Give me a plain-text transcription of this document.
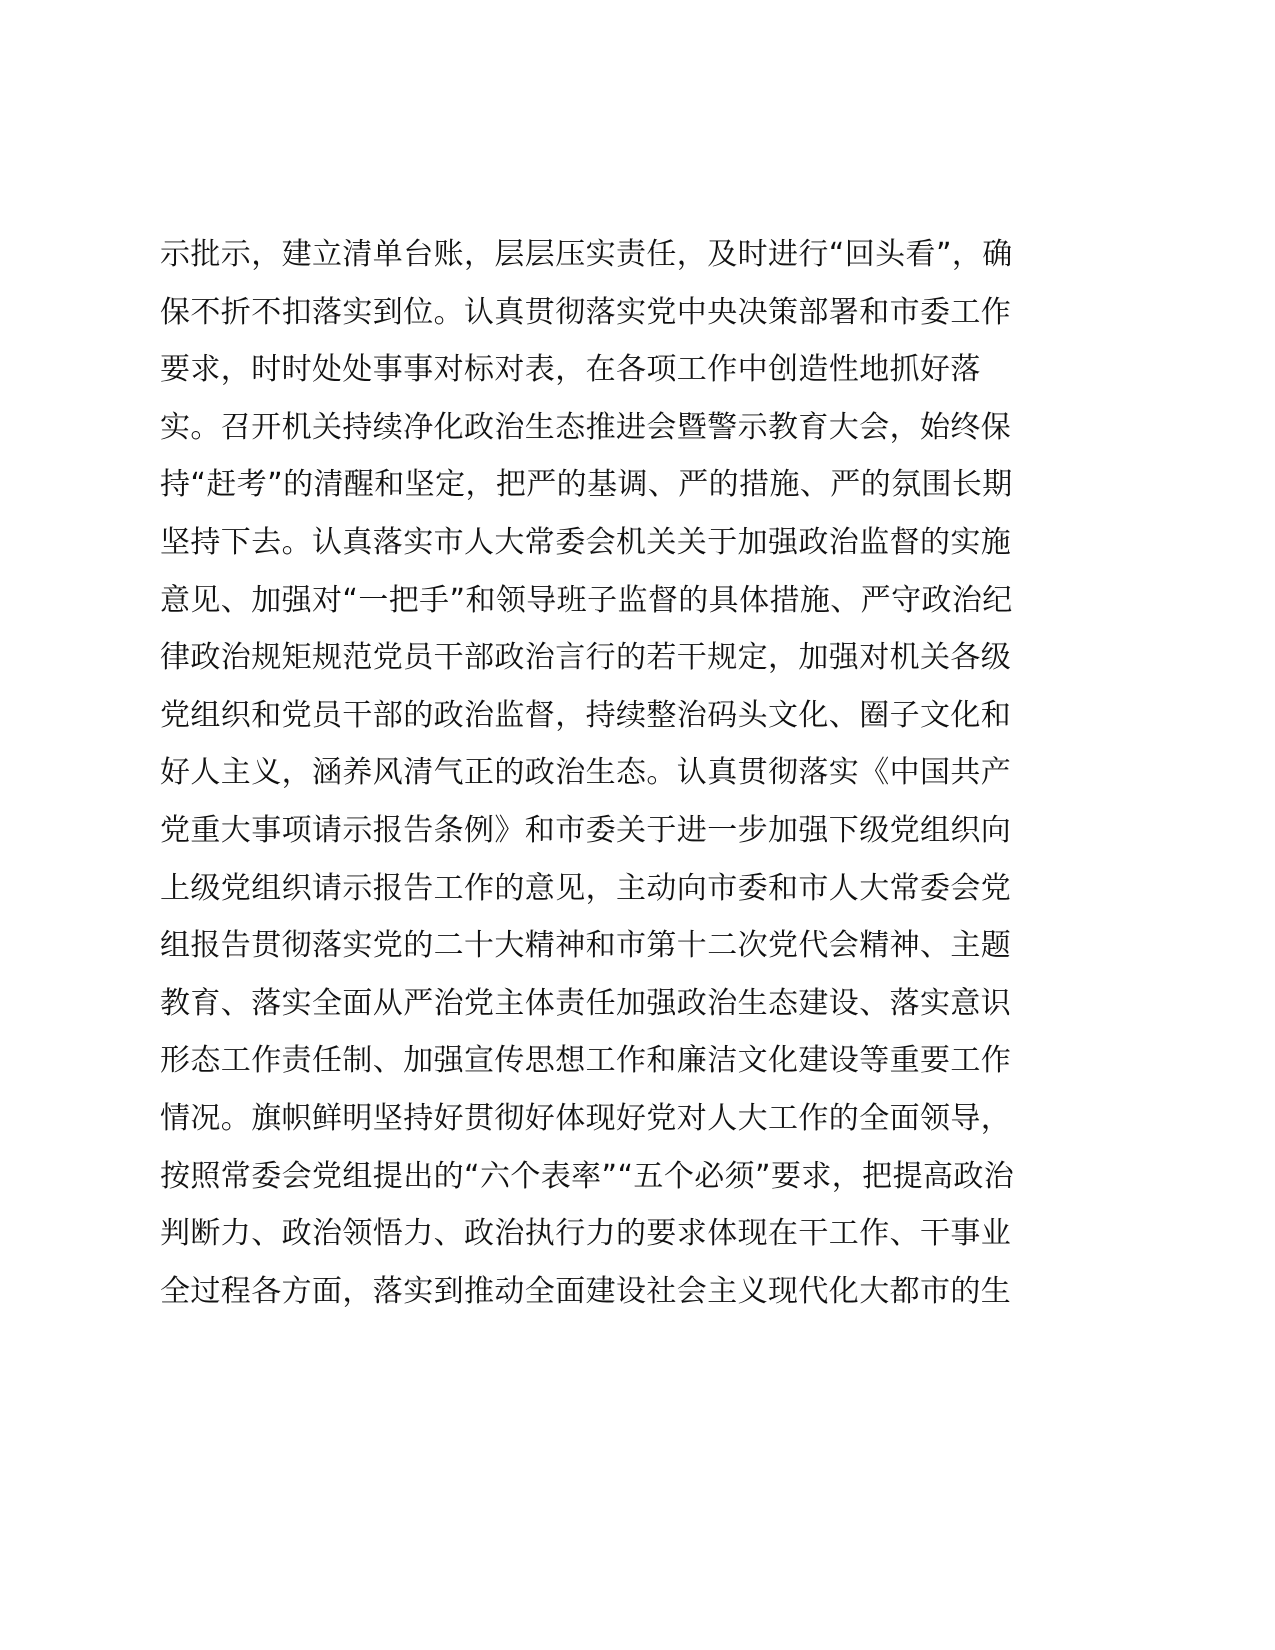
示批示，建立清单台账，层层压实责任，及时进行“回头看”，确
保不折不扣落实到位。认真贯彻落实党中央决策部署和市委工作
要求，时时处处事事对标对表，在各项工作中创造性地抓好落
实。召开机关持续净化政治生态推进会暨警示教育大会，始终保
持“赶考”的清醒和坚定，把严的基调、严的措施、严的氛围长期
坚持下去。认真落实市人大常委会机关关于加强政治监督的实施
意见、加强对“一把手”和领导班子监督的具体措施、严守政治纪
律政治规矩规范党员干部政治言行的若干规定，加强对机关各级
党组织和党员干部的政治监督，持续整治码头文化、圈子文化和
好人主义，涵养风清气正的政治生态。认真贯彻落实《中国共产
党重大事项请示报告条例》和市委关于进一步加强下级党组织向
上级党组织请示报告工作的意见，主动向市委和市人大常委会党
组报告贯彻落实党的二十大精神和市第十二次党代会精神、主题
教育、落实全面从严治党主体责任加强政治生态建设、落实意识
形态工作责任制、加强宣传思想工作和廉洁文化建设等重要工作
情况。旗帜鲜明坚持好贯彻好体现好党对人大工作的全面领导，
按照常委会党组提出的“六个表率”“五个必须”要求，把提高政治
判断力、政治领悟力、政治执行力的要求体现在干工作、干事业
全过程各方面，落实到推动全面建设社会主义现代化大都市的生
